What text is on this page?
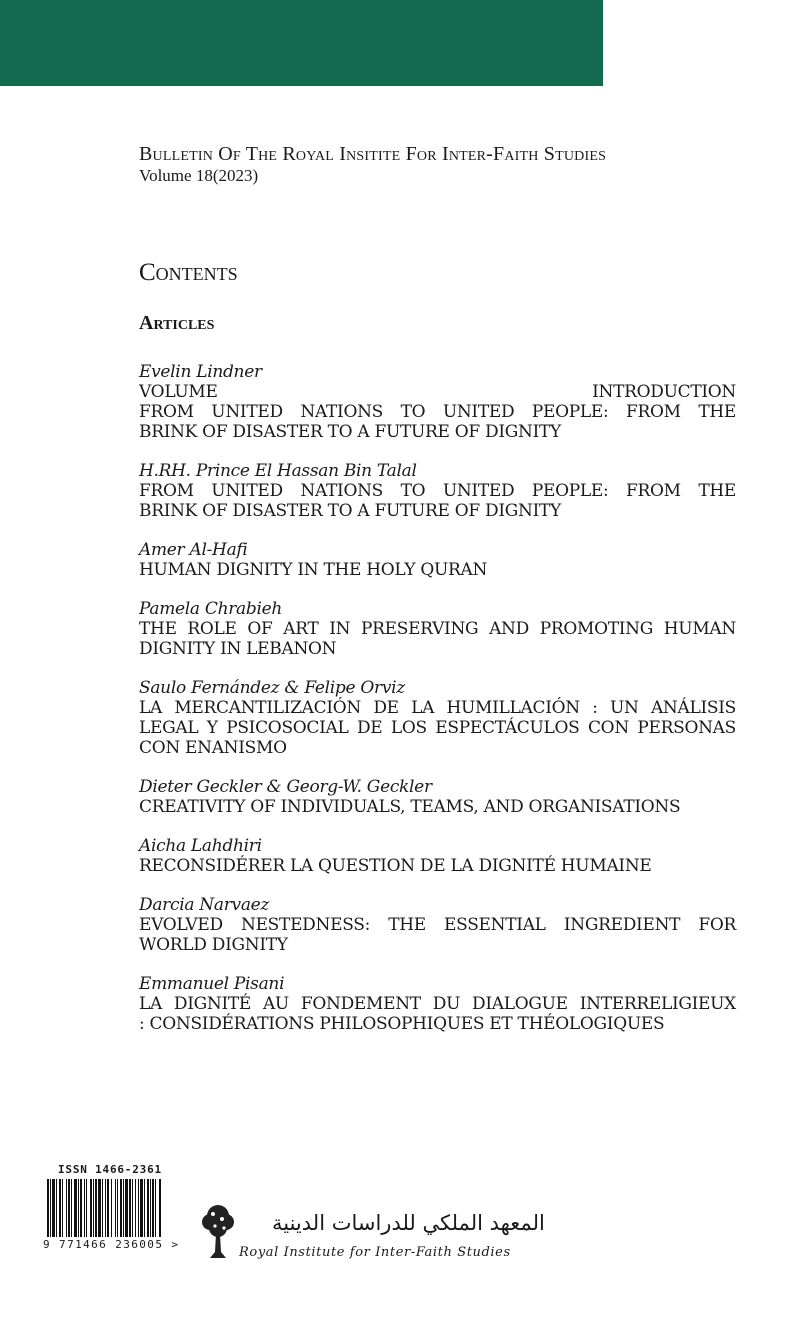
Bulletin Of The Royal Insitite For Inter-Faith Studies
Volume 18(2023)
Contents
Articles
Evelin Lindner
VOLUME INTRODUCTION
FROM UNITED NATIONS TO UNITED PEOPLE: FROM THE
BRINK OF DISASTER TO A FUTURE OF DIGNITY
H.RH. Prince El Hassan Bin Talal
FROM UNITED NATIONS TO UNITED PEOPLE: FROM THE
BRINK OF DISASTER TO A FUTURE OF DIGNITY
Amer Al-Hafi
HUMAN DIGNITY IN THE HOLY QURAN
Pamela Chrabieh
THE ROLE OF ART IN PRESERVING AND PROMOTING HUMAN
DIGNITY IN LEBANON
Saulo Fernández & Felipe Orviz
LA MERCANTILIZACIÓN DE LA HUMILLACIÓN : UN ANÁLISIS
LEGAL Y PSICOSOCIAL DE LOS ESPECTÁCULOS CON PERSONAS
CON ENANISMO
Dieter Geckler & Georg-W. Geckler
CREATIVITY OF INDIVIDUALS, TEAMS, AND ORGANISATIONS
Aicha Lahdhiri
RECONSIDÉRER LA QUESTION DE LA DIGNITÉ HUMAINE
Darcia Narvaez
EVOLVED NESTEDNESS: THE ESSENTIAL INGREDIENT FOR
WORLD DIGNITY
Emmanuel Pisani
LA DIGNITÉ AU FONDEMENT DU DIALOGUE INTERRELIGIEUX
: CONSIDÉRATIONS PHILOSOPHIQUES ET THÉOLOGIQUES
ISSN 1466-2361
9 771466 236005 >
المعهد الملكي للدراسات الدينية
Royal Institute for Inter-Faith Studies
